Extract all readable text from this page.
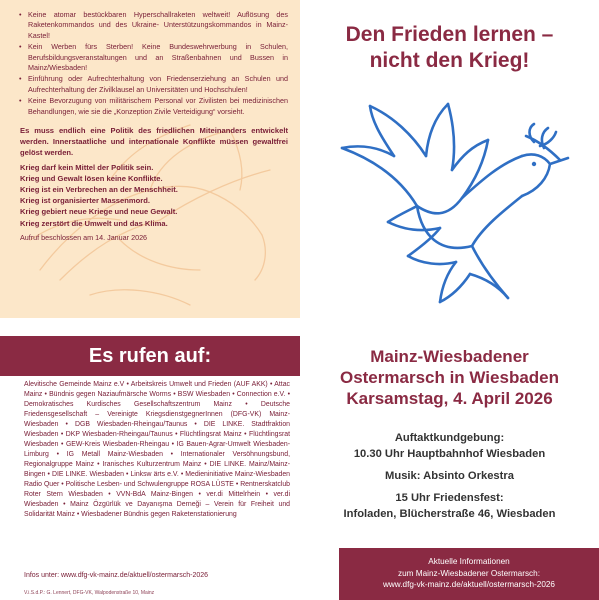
• Keine atomar bestückbaren Hyperschallraketen weltweit! Auflösung des Raketenkommandos und des Ukraine- Unterstützungskommandos in Mainz-Kastel!
• Kein Werben fürs Sterben! Keine Bundeswehrwerbung in Schulen, Berufsbildungsveranstaltungen und an Straßenbahnen und Bussen in Mainz/Wiesbaden!
• Einführung oder Aufrechterhaltung von Friedenserziehung an Schulen und Aufrechterhaltung der Zivilklausel an Universitäten und Hochschulen!
• Keine Bevorzugung von militärischem Personal vor Zivilisten bei medizinischen Behandlungen, wie sie die „Konzeption Zivile Verteidigung“ vorsieht.

Es muss endlich eine Politik des friedlichen Miteinanders entwickelt werden. Innerstaatliche und internationale Konflikte müssen gewaltfrei gelöst werden.

Krieg darf kein Mittel der Politik sein.
Krieg und Gewalt lösen keine Konflikte.
Krieg ist ein Verbrechen an der Menschheit.
Krieg ist organisierter Massenmord.
Krieg gebiert neue Kriege und neue Gewalt.
Krieg zerstört die Umwelt und das Klima.
Aufruf beschlossen am 14. Januar 2026
Es rufen auf:

Alevitische Gemeinde Mainz e.V • Arbeitskreis Umwelt und Frieden (AUF AKK) • Attac Mainz • Bündnis gegen Naziaufmärsche Worms • BSW Wiesbaden • Connection e.V. • Demokratisches Kurdisches Gesellschaftszentrum Mainz • Deutsche Friedensgesellschaft – Vereinigte KriegsdienstgegnerInnen (DFG-VK) Mainz-Wiesbaden • DGB Wiesbaden-Rheingau/Taunus • DIE LINKE. Stadtfraktion Wiesbaden • DKP Wiesbaden-Rheingau/Taunus • Flüchtlingsrat Mainz • Flüchtlingsrat Wiesbaden • GEW-Kreis Wiesbaden-Rheingau • IG Bauen-Agrar-Umwelt Wiesbaden-Limburg • IG Metall Mainz-Wiesbaden • Internationaler Versöhnungsbund, Regionalgruppe Mainz • Iranisches Kulturzentrum Mainz • DIE LINKE. Mainz/Mainz-Bingen • DIE LINKE. Wiesbaden • Linksw ärts e.V. • Medieninitiative Mainz-Wiesbaden Radio Quer • Politische Lesben- und Schwulengruppe ROSA LÜSTE • Rentnerskatclub Roter Stern Wiesbaden • VVN-BdA Mainz-Bingen • ver.di Mittelrhein • ver.di Wiesbaden • Mainz Özgürlük ve Dayanışma Derneği – Verein für Freiheit und Solidarität Mainz • Wiesbadener Bündnis gegen Raketenstationierung

Infos unter: www.dfg-vk-mainz.de/aktuell/ostermarsch-2026
V.i.S.d.P.: G. Lennert, DFG-VK, Walpodenstraße 10, Mainz
Den Frieden lernen –
nicht den Krieg!
Mainz-Wiesbadener
Ostermarsch in Wiesbaden
Karsamstag, 4. April 2026
Auftaktkundgebung:
10.30 Uhr Hauptbahnhof Wiesbaden
Musik: Absinto Orkestra
15 Uhr Friedensfest:
Infoladen, Blücherstraße 46, Wiesbaden
Aktuelle Informationen
zum Mainz-Wiesbadener Ostermarsch:
www.dfg-vk-mainz.de/aktuell/ostermarsch-2026
